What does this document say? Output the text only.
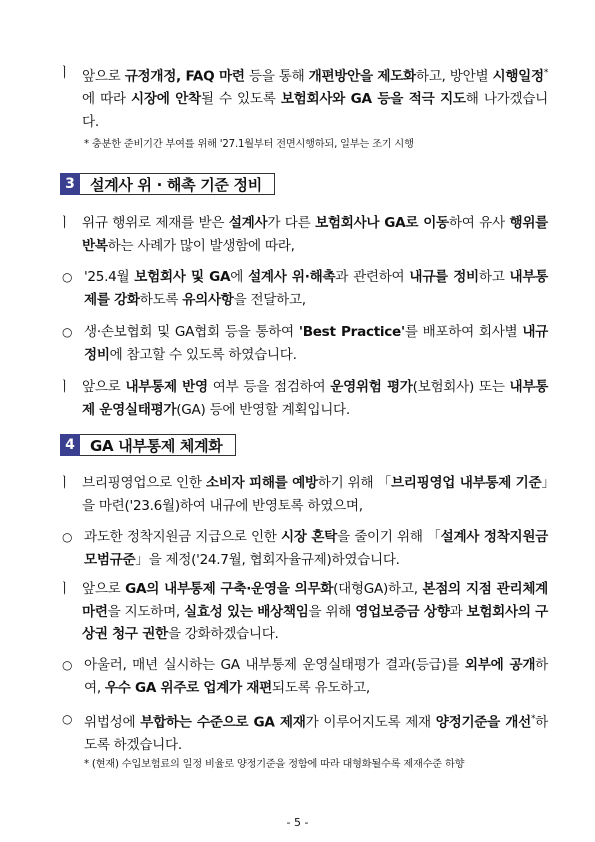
ㅣ 앞으로 규정개정, FAQ 마련 등을 통해 개편방안을 제도화하고, 방안별 시행일정*에 따라 시장에 안착될 수 있도록 보험회사와 GA 등을 적극 지도해 나가겠습니다.
* 충분한 준비기간 부여를 위해 '27.1월부터 전면시행하되, 일부는 조기 시행
3	설계사 위 · 해촉 기준 정비
ㅣ 위규 행위로 제재를 받은 설계사가 다른 보험회사나 GA로 이동하여 유사 행위를 반복하는 사례가 많이 발생함에 따라,
○ '25.4월 보험회사 및 GA에 설계사 위·해촉과 관련하여 내규를 정비하고 내부통제를 강화하도록 유의사항을 전달하고,
○ 생·손보협회 및 GA협회 등을 통하여 'Best Practice'를 배포하여 회사별 내규 정비에 참고할 수 있도록 하였습니다.
ㅣ 앞으로 내부통제 반영 여부 등을 점검하여 운영위험 평가(보험회사) 또는 내부통제 운영실태평가(GA) 등에 반영할 계획입니다.
4	GA 내부통제 체계화
ㅣ 브리핑영업으로 인한 소비자 피해를 예방하기 위해 「브리핑영업 내부통제 기준」을 마련('23.6월)하여 내규에 반영토록 하였으며,
○ 과도한 정착지원금 지급으로 인한 시장 혼탁을 줄이기 위해 「설계사 정착지원금 모범규준」을 제정('24.7월, 협회자율규제)하였습니다.
ㅣ 앞으로 GA의 내부통제 구축·운영을 의무화(대형GA)하고, 본점의 지점 관리체계 마련을 지도하며, 실효성 있는 배상책임을 위해 영업보증금 상향과 보험회사의 구상권 청구 권한을 강화하겠습니다.
○ 아울러, 매년 실시하는 GA 내부통제 운영실태평가 결과(등급)를 외부에 공개하여, 우수 GA 위주로 업계가 재편되도록 유도하고,
○ 위법성에 부합하는 수준으로 GA 제재가 이루어지도록 제재 양정기준을 개선*하도록 하겠습니다.
* (현재) 수입보험료의 일정 비율로 양정기준을 정함에 따라 대형화될수록 제재수준 하향
- 5 -
